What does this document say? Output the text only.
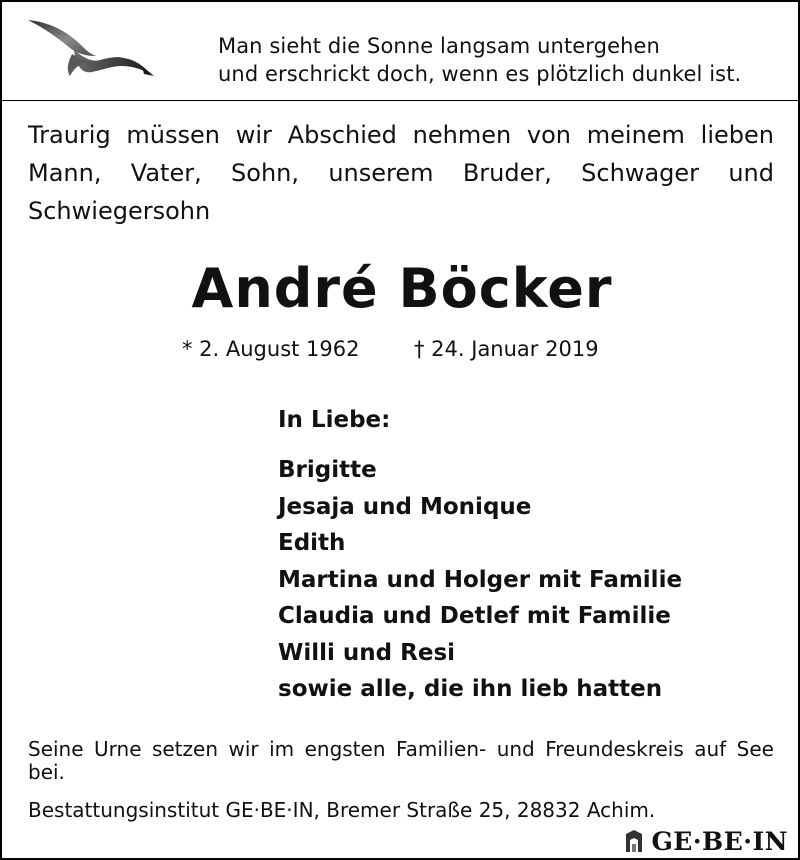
Man sieht die Sonne langsam untergehen
und erschrickt doch, wenn es plötzlich dunkel ist.
Traurig müssen wir Abschied nehmen von meinem lieben Mann, Vater, Sohn, unserem Bruder, Schwager und Schwiegersohn
André Böcker
* 2. August 1962	† 24. Januar 2019
In Liebe:
Brigitte
Jesaja und Monique
Edith
Martina und Holger mit Familie
Claudia und Detlef mit Familie
Willi und Resi
sowie alle, die ihn lieb hatten
Seine Urne setzen wir im engsten Familien- und Freundeskreis auf See bei.
Bestattungsinstitut GE·BE·IN, Bremer Straße 25, 28832 Achim.
GE·BE·IN
